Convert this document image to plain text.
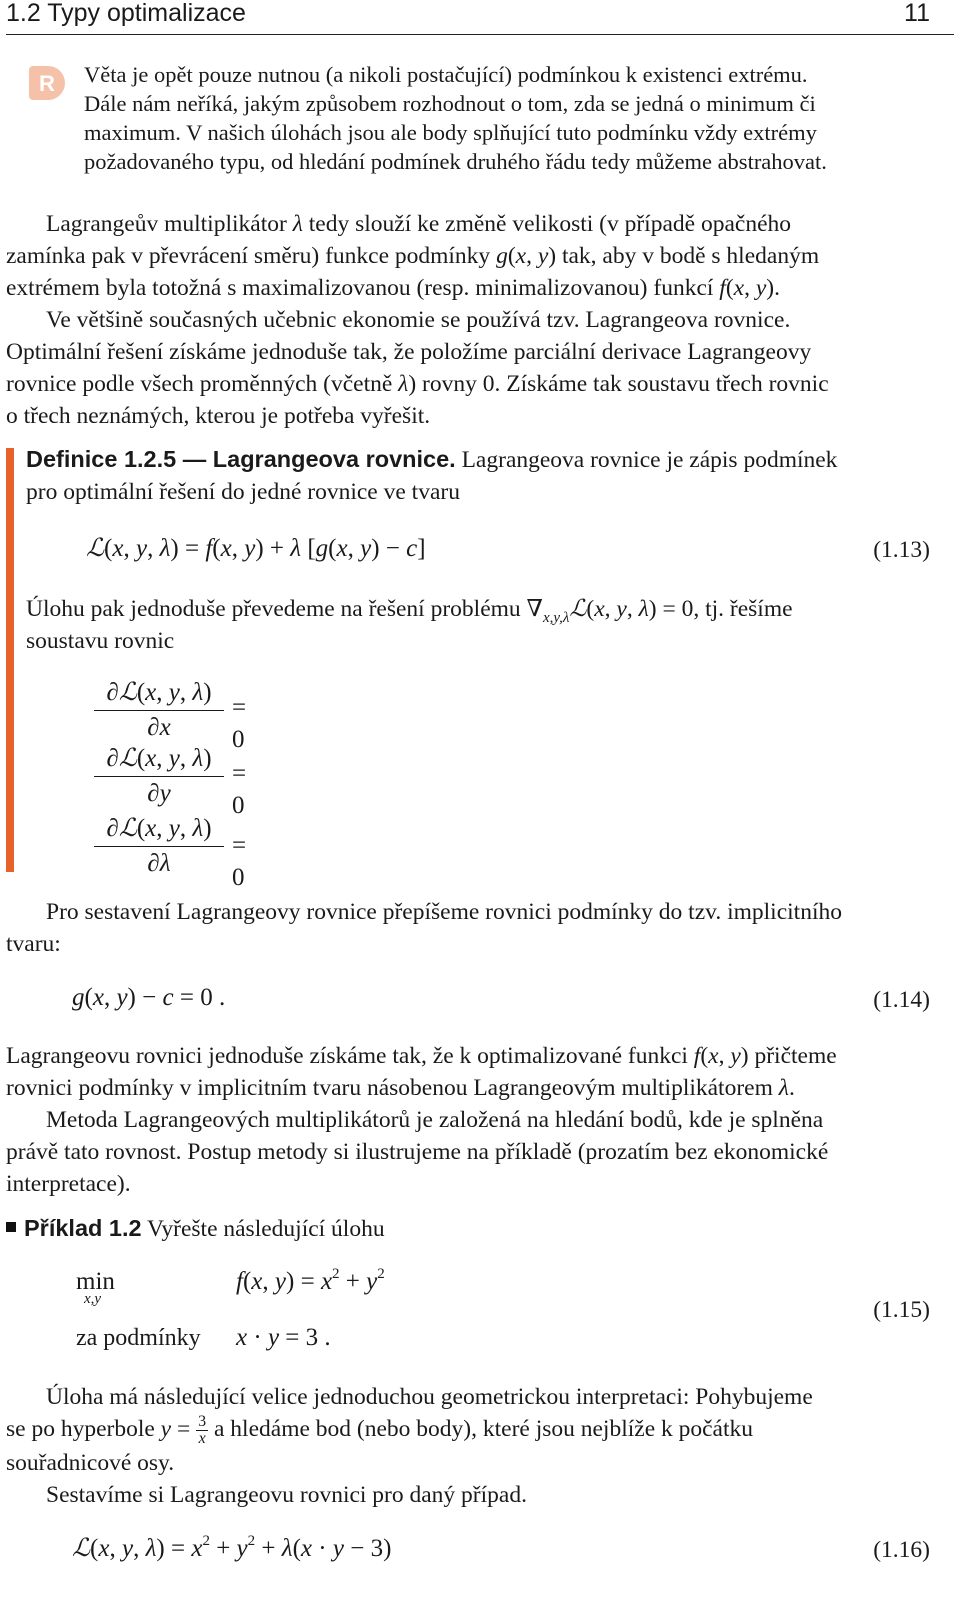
1.2 Typy optimalizace	11
R Věta je opět pouze nutnou (a nikoli postačující) podmínkou k existenci extrému.
Dále nám neříká, jakým způsobem rozhodnout o tom, zda se jedná o minimum či
maximum. V našich úlohách jsou ale body splňující tuto podmínku vždy extrémy
požadovaného typu, od hledání podmínek druhého řádu tedy můžeme abstrahovat.
Lagrangeův multiplikátor λ tedy slouží ke změně velikosti (v případě opačného
zamínka pak v převrácení směru) funkce podmínky g(x, y) tak, aby v bodě s hledaným
extrémem byla totožná s maximalizovanou (resp. minimalizovanou) funkcí f(x, y).
Ve většině současných učebnic ekonomie se používá tzv. Lagrangeova rovnice.
Optimální řešení získáme jednoduše tak, že položíme parciální derivace Lagrangeovy
rovnice podle všech proměnných (včetně λ) rovny 0. Získáme tak soustavu třech rovnic
o třech neznámých, kterou je potřeba vyřešit.
Definice 1.2.5 — Lagrangeova rovnice. Lagrangeova rovnice je zápis podmínek
pro optimální řešení do jedné rovnice ve tvaru
ℒ(x, y, λ) = f(x, y) + λ [g(x, y) − c]	(1.13)
Úlohu pak jednoduše převedeme na řešení problému $\nabla_{x,y,\lambda}ℒ(x$, y, λ) = 0, tj. řešíme
soustavu rovnic
∂ℒ(x, y, λ)
∂x
= 0
∂ℒ(x, y, λ)
∂y
= 0
∂ℒ(x, y, λ)
∂λ
= 0
Pro sestavení Lagrangeovy rovnice přepíšeme rovnici podmínky do tzv. implicitního
tvaru:
g(x, y) − c = 0 .	(1.14)
Lagrangeovu rovnici jednoduše získáme tak, že k optimalizované funkci f(x, y) přičteme
rovnici podmínky v implicitním tvaru násobenou Lagrangeovým multiplikátorem λ.
Metoda Lagrangeových multiplikátorů je založená na hledání bodů, kde je splněna
právě tato rovnost. Postup metody si ilustrujeme na příkladě (prozatím bez ekonomické
interpretace).
Příklad 1.2 Vyřešte následující úlohu
min
x,y
f(x, $y) = x^2 + y^2$
za podmínky x · y = 3 .
(1.15)
Úloha má následující velice jednoduchou geometrickou interpretaci: Pohybujeme
se po hyperbole $y = \frac{3}{x}$ a hledáme bod (nebo body), které jsou nejblíže k počátku
souřadnicové osy.
Sestavíme si Lagrangeovu rovnici pro daný případ.
ℒ(x, y, $\lambda) = x^2 + y^2 + \lambda(x \cdot y - 3)$	(1.16)
